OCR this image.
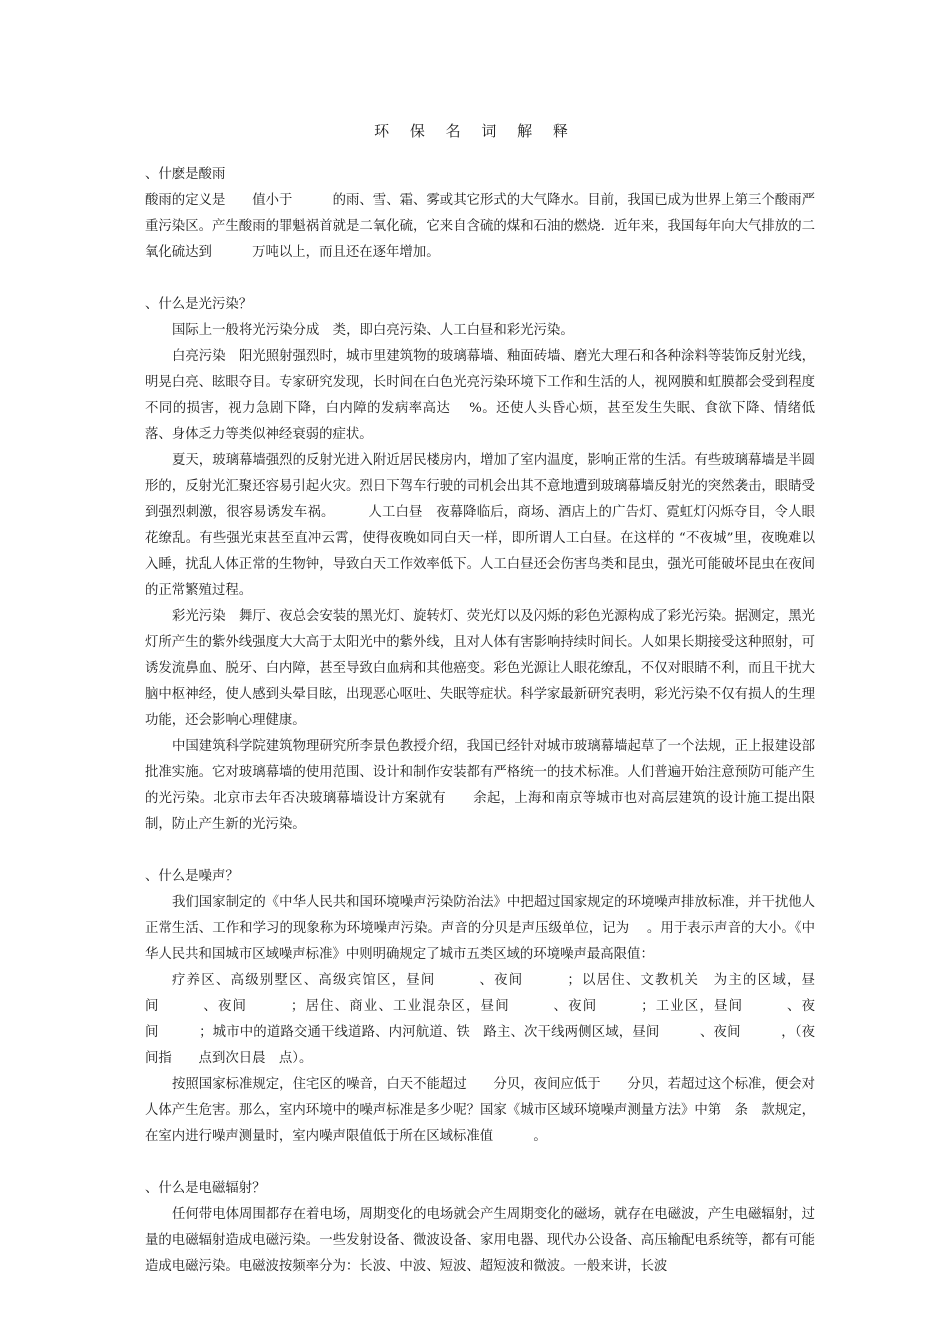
环 保 名 词 解 释
、什麽是酸雨

酸雨的定义是　　值小于　　　的雨、雪、霜、雾或其它形式的大气降水。目前，我国已成为世界上第三个酸雨严重污染区。产生酸雨的罪魁祸首就是二氧化硫，它来自含硫的煤和石油的燃烧．近年来，我国每年向大气排放的二氧化硫达到　　　万吨以上，而且还在逐年增加。

、什么是光污染？

国际上一般将光污染分成　类，即白亮污染、人工白昼和彩光污染。

白亮污染　阳光照射强烈时，城市里建筑物的玻璃幕墙、釉面砖墙、磨光大理石和各种涂料等装饰反射光线，明晃白亮、眩眼夺目。专家研究发现，长时间在白色光亮污染环境下工作和生活的人，视网膜和虹膜都会受到程度不同的损害，视力急剧下降，白内障的发病率高达　 %。还使人头昏心烦，甚至发生失眠、食欲下降、情绪低落、身体乏力等类似神经衰弱的症状。

夏天，玻璃幕墙强烈的反射光进入附近居民楼房内，增加了室内温度，影响正常的生活。有些玻璃幕墙是半圆形的，反射光汇聚还容易引起火灾。烈日下驾车行驶的司机会出其不意地遭到玻璃幕墙反射光的突然袭击，眼睛受到强烈刺激，很容易诱发车祸。　　　人工白昼　夜幕降临后，商场、酒店上的广告灯、霓虹灯闪烁夺目，令人眼花缭乱。有些强光束甚至直冲云霄，使得夜晚如同白天一样，即所谓人工白昼。在这样的 “不夜城”里，夜晚难以入睡，扰乱人体正常的生物钟，导致白天工作效率低下。人工白昼还会伤害鸟类和昆虫，强光可能破坏昆虫在夜间的正常繁殖过程。

彩光污染　舞厅、夜总会安装的黑光灯、旋转灯、荧光灯以及闪烁的彩色光源构成了彩光污染。据测定，黑光灯所产生的紫外线强度大大高于太阳光中的紫外线，且对人体有害影响持续时间长。人如果长期接受这种照射，可诱发流鼻血、脱牙、白内障，甚至导致白血病和其他癌变。彩色光源让人眼花缭乱，不仅对眼睛不利，而且干扰大脑中枢神经，使人感到头晕目眩，出现恶心呕吐、失眠等症状。科学家最新研究表明，彩光污染不仅有损人的生理功能，还会影响心理健康。

中国建筑科学院建筑物理研究所李景色教授介绍，我国已经针对城市玻璃幕墙起草了一个法规，正上报建设部批准实施。它对玻璃幕墙的使用范围、设计和制作安装都有严格统一的技术标准。人们普遍开始注意预防可能产生的光污染。北京市去年否决玻璃幕墙设计方案就有　　余起，上海和南京等城市也对高层建筑的设计施工提出限制，防止产生新的光污染。

、什么是噪声？

我们国家制定的《中华人民共和国环境噪声污染防治法》中把超过国家规定的环境噪声排放标准，并干扰他人正常生活、工作和学习的现象称为环境噪声污染。声音的分贝是声压级单位，记为　 。用于表示声音的大小。《中华人民共和国城市区域噪声标准》中则明确规定了城市五类区域的环境噪声最高限值：

疗养区、高级别墅区、高级宾馆区，昼间　　　、夜间　　　；以居住、文教机关　为主的区域，昼间　　　、夜间　　　；居住、商业、工业混杂区，昼间　　　、夜间　　　；工业区，昼间　　　、夜间　　　；城市中的道路交通干线道路、内河航道、铁　路主、次干线两侧区域，昼间　　　、夜间　　　，（夜间指　　点到次日晨　点）。

按照国家标准规定，住宅区的噪音，白天不能超过　　分贝，夜间应低于　　分贝，若超过这个标准，便会对人体产生危害。那么，室内环境中的噪声标准是多少呢？国家《城市区域环境噪声测量方法》中第　条　款规定，在室内进行噪声测量时，室内噪声限值低于所在区域标准值　　　。

、什么是电磁辐射？

任何带电体周围都存在着电场，周期变化的电场就会产生周期变化的磁场，就存在电磁波，产生电磁辐射，过量的电磁辐射造成电磁污染。一些发射设备、微波设备、家用电器、现代办公设备、高压输配电系统等，都有可能造成电磁污染。电磁波按频率分为：长波、中波、短波、超短波和微波。一般来讲，长波
